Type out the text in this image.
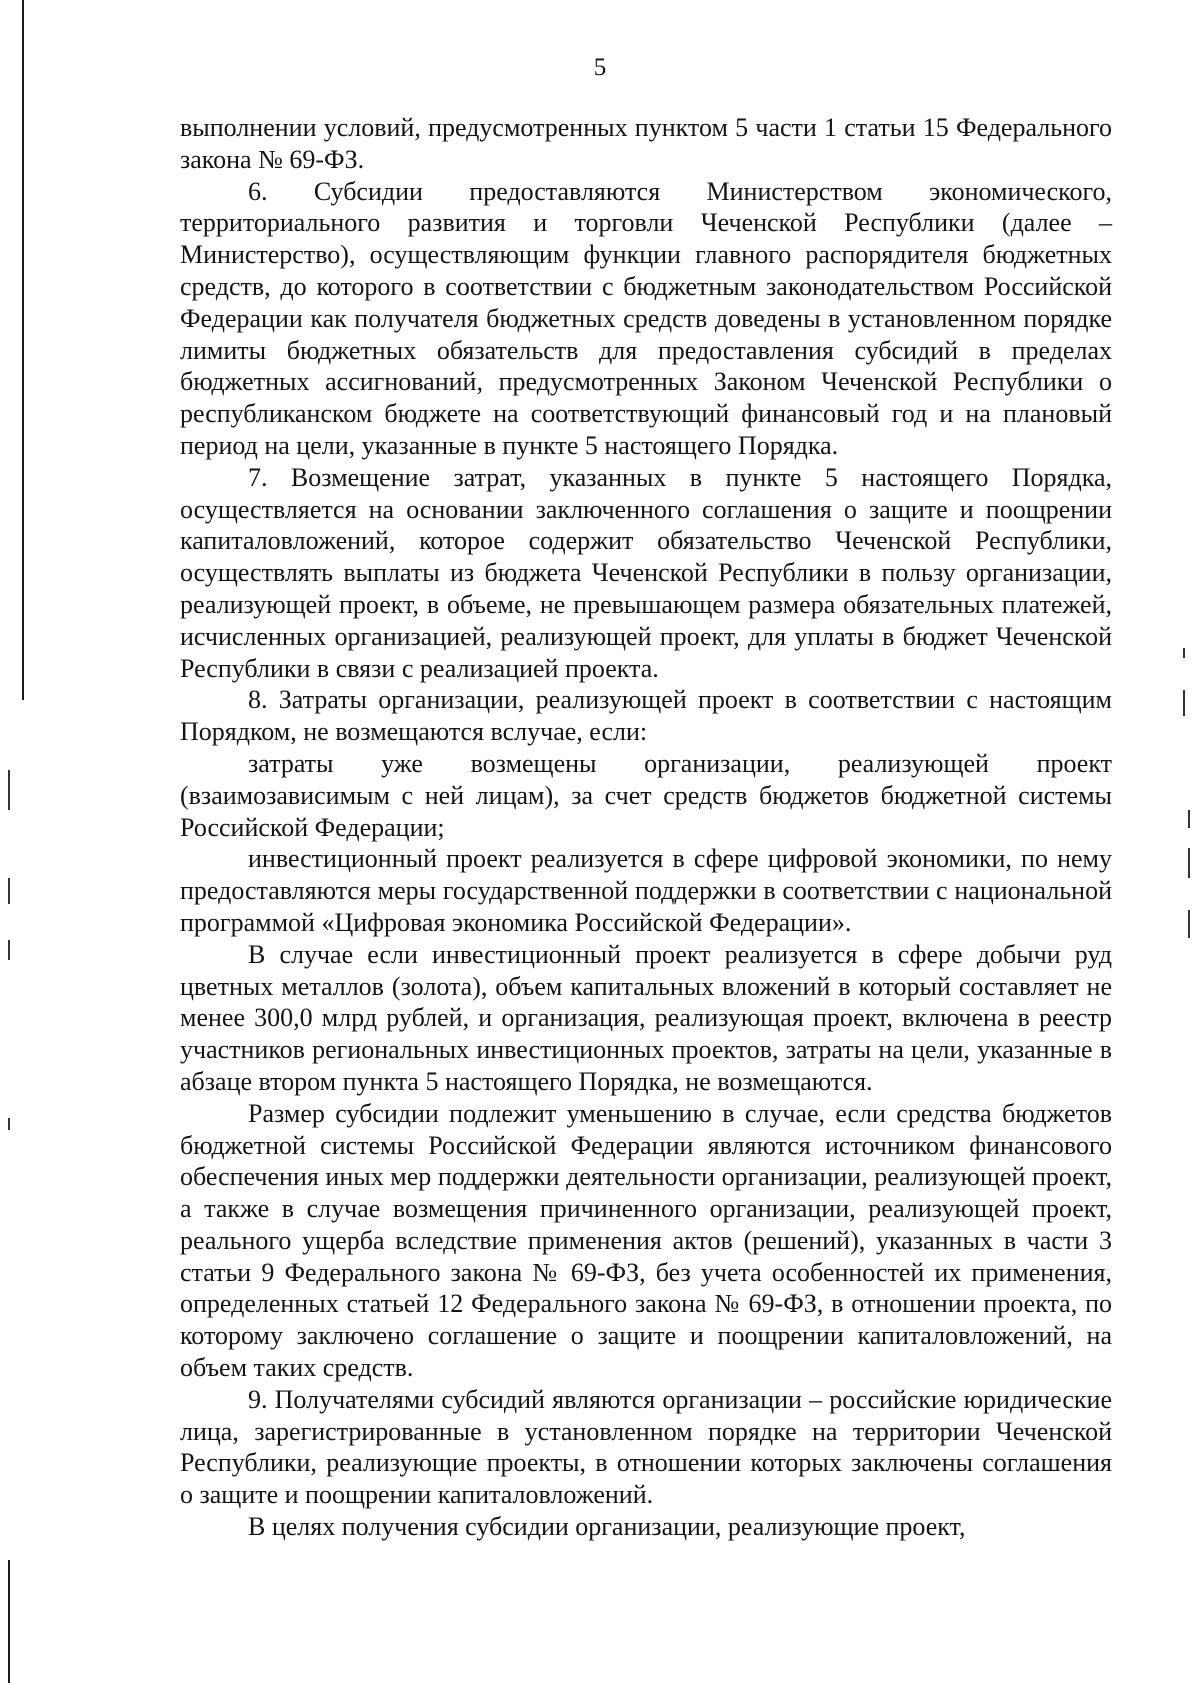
5

выполнении условий, предусмотренных пунктом 5 части 1 статьи 15 Федерального закона № 69-ФЗ.

6. Субсидии предоставляются Министерством экономического, территориального развития и торговли Чеченской Республики (далее – Министерство), осуществляющим функции главного распорядителя бюджетных средств, до которого в соответствии с бюджетным законодательством Российской Федерации как получателя бюджетных средств доведены в установленном порядке лимиты бюджетных обязательств для предоставления субсидий в пределах бюджетных ассигнований, предусмотренных Законом Чеченской Республики о республиканском бюджете на соответствующий финансовый год и на плановый период на цели, указанные в пункте 5 настоящего Порядка.

7. Возмещение затрат, указанных в пункте 5 настоящего Порядка, осуществляется на основании заключенного соглашения о защите и поощрении капиталовложений, которое содержит обязательство Чеченской Республики, осуществлять выплаты из бюджета Чеченской Республики в пользу организации, реализующей проект, в объеме, не превышающем размера обязательных платежей, исчисленных организацией, реализующей проект, для уплаты в бюджет Чеченской Республики в связи с реализацией проекта.

8. Затраты организации, реализующей проект в соответствии с настоящим Порядком, не возмещаются вслучае, если:

затраты уже возмещены организации, реализующей проект (взаимозависимым с ней лицам), за счет средств бюджетов бюджетной системы Российской Федерации;

инвестиционный проект реализуется в сфере цифровой экономики, по нему предоставляются меры государственной поддержки в соответствии с национальной программой «Цифровая экономика Российской Федерации».

В случае если инвестиционный проект реализуется в сфере добычи руд цветных металлов (золота), объем капитальных вложений в который составляет не менее 300,0 млрд рублей, и организация, реализующая проект, включена в реестр участников региональных инвестиционных проектов, затраты на цели, указанные в абзаце втором пункта 5 настоящего Порядка, не возмещаются.

Размер субсидии подлежит уменьшению в случае, если средства бюджетов бюджетной системы Российской Федерации являются источником финансового обеспечения иных мер поддержки деятельности организации, реализующей проект, а также в случае возмещения причиненного организации, реализующей проект, реального ущерба вследствие применения актов (решений), указанных в части 3 статьи 9 Федерального закона № 69-ФЗ, без учета особенностей их применения, определенных статьей 12 Федерального закона № 69-ФЗ, в отношении проекта, по которому заключено соглашение о защите и поощрении капиталовложений, на объем таких средств.

9. Получателями субсидий являются организации – российские юридические лица, зарегистрированные в установленном порядке на территории Чеченской Республики, реализующие проекты, в отношении которых заключены соглашения о защите и поощрении капиталовложений.

В целях получения субсидии организации, реализующие проект,
